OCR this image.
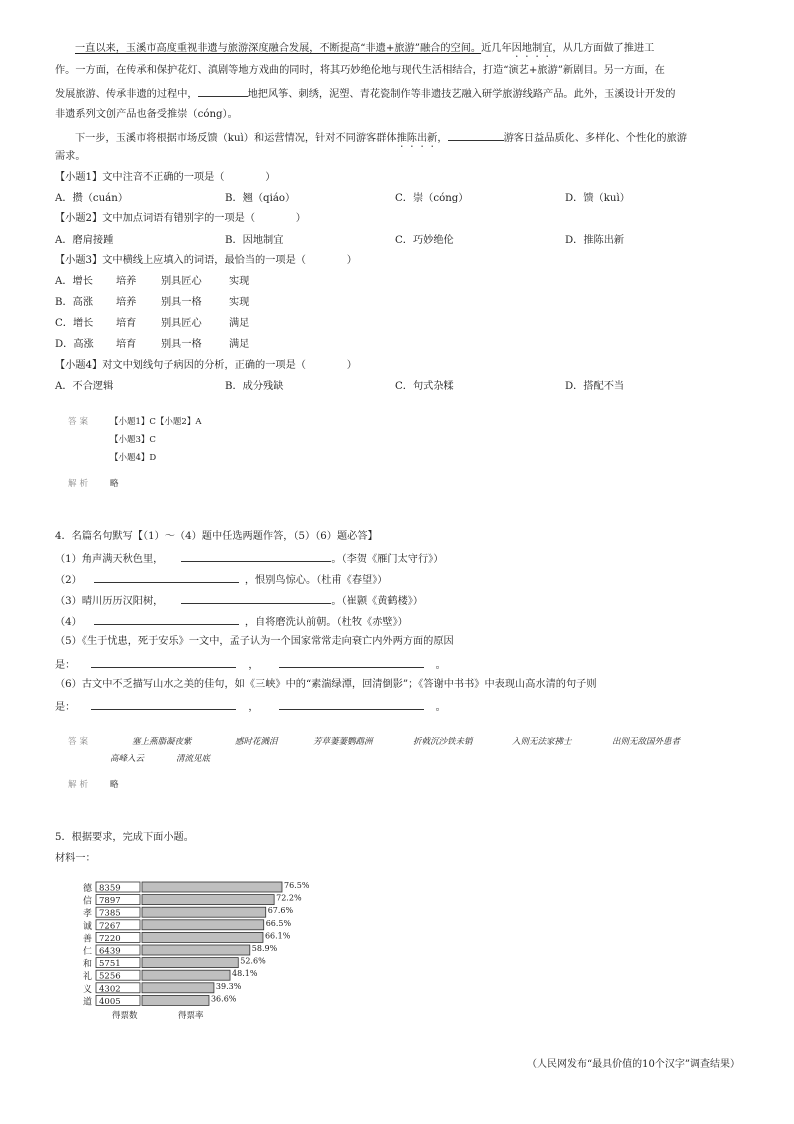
一直以来，玉溪市高度重视非遗与旅游深度融合发展，不断提高“非遗+旅游”融合的空间。近几年因地制宜，从几方面做了推进工
作。一方面，在传承和保护花灯、滇剧等地方戏曲的同时，将其巧妙绝伦地与现代生活相结合，打造“演艺+旅游”新剧目。另一方面，在
发展旅游、传承非遗的过程中，	地把风筝、刺绣，泥塑、青花瓷制作等非遗技艺融入研学旅游线路产品。此外，玉溪设计开发的
非遗系列文创产品也备受推崇（cóng）。
下一步，玉溪市将根据市场反馈（kuì）和运营情况，针对不同游客群体推陈出新，	游客日益品质化、多样化、个性化的旅游
需求。
【小题1】文中注音不正确的一项是（　　　　）
A．攒（cuán）	B．翘（qiáo）	C．崇（cóng）	D．馈（kuì）
【小题2】文中加点词语有错别字的一项是（　　　　）
A．磨肩接踵	B．因地制宜	C．巧妙绝伦	D．推陈出新
【小题3】文中横线上应填入的词语，最恰当的一项是（　　　　）
A．增长 培养 别具匠心	实现
B．高涨 培养 别具一格	实现
C．增长 培育 别具匠心	满足
D．高涨 培育 别具一格	满足
【小题4】对文中划线句子病因的分析，正确的一项是（　　　　）
A．不合逻辑	B．成分残缺	C．句式杂糅	D．搭配不当
答案 【小题1】C【小题2】A
【小题3】C
【小题4】D
解析 略
4．名篇名句默写【（1）～（4）题中任选两题作答，（5）（6）题必答】
（1）角声满天秋色里，	。（李贺《雁门太守行》）
（2）	，恨别鸟惊心。（杜甫《春望》）
（3）晴川历历汉阳树，	。（崔颢《黄鹤楼》）
（4）	，自将磨洗认前朝。（杜牧《赤壁》）
（5）《生于忧患，死于安乐》一文中，孟子认为一个国家常常走向衰亡内外两方面的原因
是：	，	。
（6）古文中不乏描写山水之美的佳句，如《三峡》中的“素湍绿潭，回清倒影”；《答谢中书书》中表现山高水清的句子则
是：	，	。
答案	塞上燕脂凝夜紫	感时花溅泪	芳草萋萋鹦鹉洲	折戟沉沙铁未销	入则无法家拂士	出则无敌国外患者
高峰入云	清流见底
解析 略
5．根据要求，完成下面小题。
材料一：
德 8359	76.5%
信 7897	72.2%
孝 7385	67.6%
诚 7267	66.5%
善 7220	66.1%
仁 6439	58.9%
和 5751	52.6%
礼 5256	48.1%
义 4302	39.3%
道 4005	36.6%
得票数	得票率
（人民网发布“最具价值的10个汉字”调查结果）
